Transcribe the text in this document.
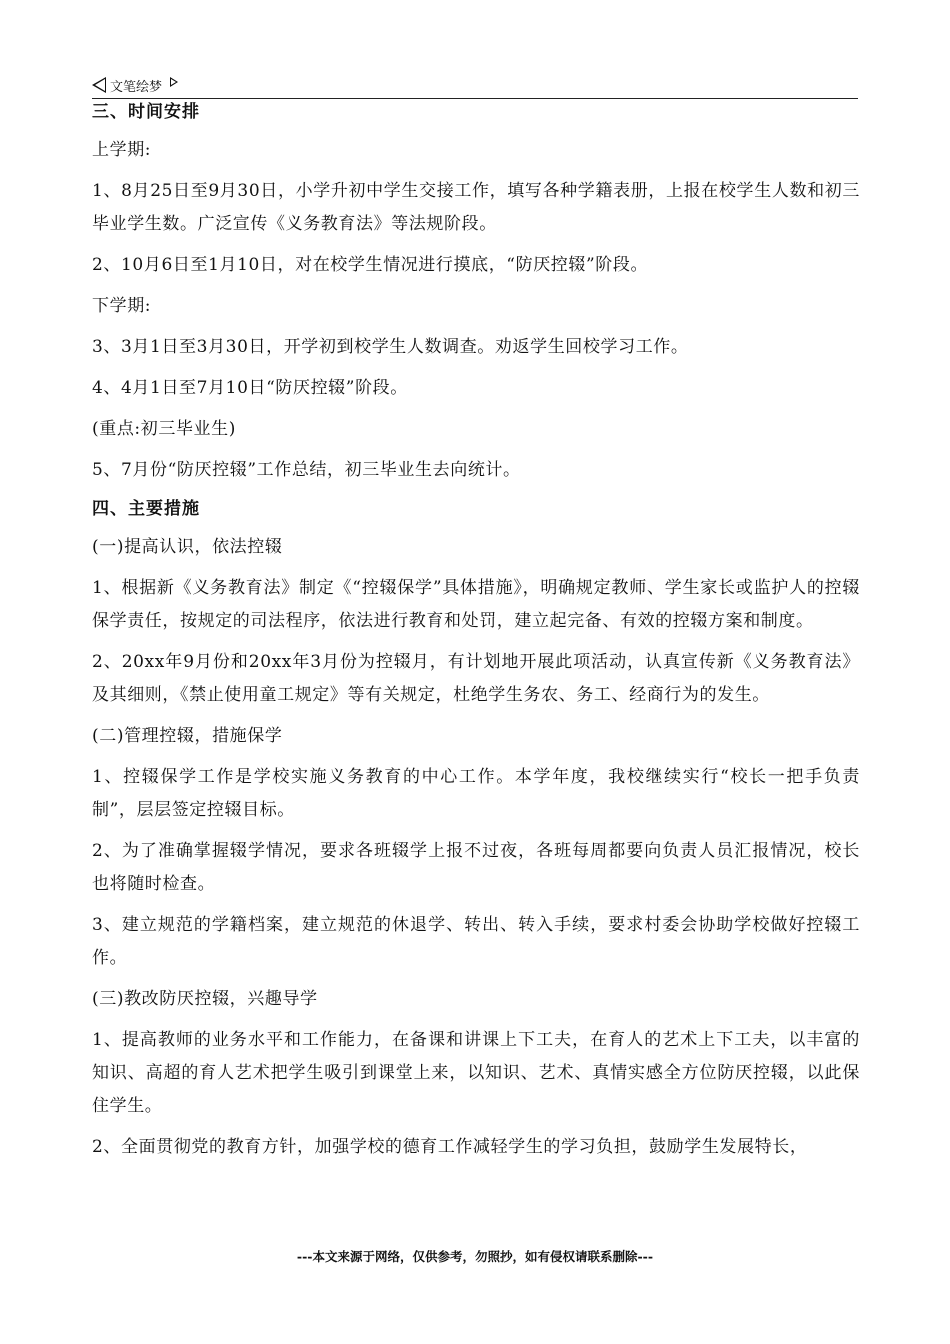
文笔绘梦
三、时间安排
上学期:
1、8月25日至9月30日，小学升初中学生交接工作，填写各种学籍表册，上报在校学生人数和初三毕业学生数。广泛宣传《义务教育法》等法规阶段。
2、10月6日至1月10日，对在校学生情况进行摸底，“防厌控辍”阶段。
下学期:
3、3月1日至3月30日，开学初到校学生人数调查。劝返学生回校学习工作。
4、4月1日至7月10日“防厌控辍”阶段。
(重点:初三毕业生)
5、7月份“防厌控辍”工作总结，初三毕业生去向统计。
四、主要措施
(一)提高认识，依法控辍
1、根据新《义务教育法》制定《“控辍保学”具体措施》，明确规定教师、学生家长或监护人的控辍保学责任，按规定的司法程序，依法进行教育和处罚，建立起完备、有效的控辍方案和制度。
2、20xx年9月份和20xx年3月份为控辍月，有计划地开展此项活动，认真宣传新《义务教育法》及其细则，《禁止使用童工规定》等有关规定，杜绝学生务农、务工、经商行为的发生。
(二)管理控辍，措施保学
1、控辍保学工作是学校实施义务教育的中心工作。本学年度，我校继续实行“校长一把手负责制”，层层签定控辍目标。
2、为了准确掌握辍学情况，要求各班辍学上报不过夜，各班每周都要向负责人员汇报情况，校长也将随时检查。
3、建立规范的学籍档案，建立规范的休退学、转出、转入手续，要求村委会协助学校做好控辍工作。
(三)教改防厌控辍，兴趣导学
1、提高教师的业务水平和工作能力，在备课和讲课上下工夫，在育人的艺术上下工夫，以丰富的知识、高超的育人艺术把学生吸引到课堂上来，以知识、艺术、真情实感全方位防厌控辍，以此保住学生。
2、全面贯彻党的教育方针，加强学校的德育工作减轻学生的学习负担，鼓励学生发展特长，
---本文来源于网络，仅供参考，勿照抄，如有侵权请联系删除---
